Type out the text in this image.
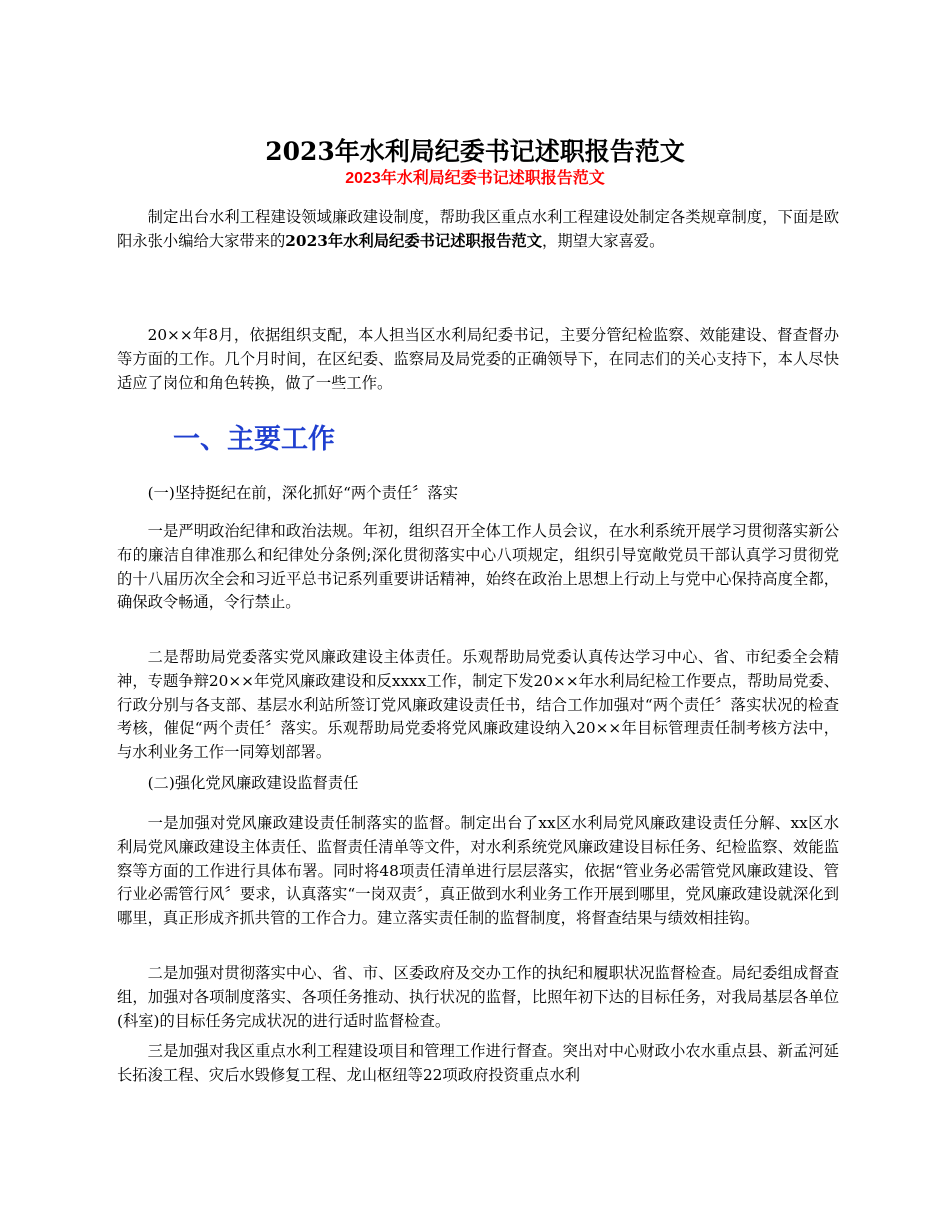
2023年水利局纪委书记述职报告范文
2023年水利局纪委书记述职报告范文

制定出台水利工程建设领域廉政建设制度，帮助我区重点水利工程建设处制定各类规章制度，下面是欧阳永张小编给大家带来的2023年水利局纪委书记述职报告范文，期望大家喜爱。

20××年8月，依据组织支配，本人担当区水利局纪委书记，主要分管纪检监察、效能建设、督查督办等方面的工作。几个月时间，在区纪委、监察局及局党委的正确领导下，在同志们的关心支持下，本人尽快适应了岗位和角色转换，做了一些工作。

一、主要工作

(一)坚持挺纪在前，深化抓好“两个责任〞落实

一是严明政治纪律和政治法规。年初，组织召开全体工作人员会议，在水利系统开展学习贯彻落实新公布的廉洁自律准那么和纪律处分条例;深化贯彻落实中心八项规定，组织引导宽敞党员干部认真学习贯彻党的十八届历次全会和习近平总书记系列重要讲话精神，始终在政治上思想上行动上与党中心保持高度全都，确保政令畅通，令行禁止。

二是帮助局党委落实党风廉政建设主体责任。乐观帮助局党委认真传达学习中心、省、市纪委全会精神，专题争辩20××年党风廉政建设和反xxxx工作，制定下发20××年水利局纪检工作要点，帮助局党委、行政分别与各支部、基层水利站所签订党风廉政建设责任书，结合工作加强对“两个责任〞落实状况的检查考核，催促“两个责任〞落实。乐观帮助局党委将党风廉政建设纳入20××年目标管理责任制考核方法中，与水利业务工作一同筹划部署。

(二)强化党风廉政建设监督责任

一是加强对党风廉政建设责任制落实的监督。制定出台了xx区水利局党风廉政建设责任分解、xx区水利局党风廉政建设主体责任、监督责任清单等文件，对水利系统党风廉政建设目标任务、纪检监察、效能监察等方面的工作进行具体布署。同时将48项责任清单进行层层落实，依据“管业务必需管党风廉政建设、管行业必需管行风〞要求，认真落实“一岗双责〞，真正做到水利业务工作开展到哪里，党风廉政建设就深化到哪里，真正形成齐抓共管的工作合力。建立落实责任制的监督制度，将督查结果与绩效相挂钩。

二是加强对贯彻落实中心、省、市、区委政府及交办工作的执纪和履职状况监督检查。局纪委组成督查组，加强对各项制度落实、各项任务推动、执行状况的监督，比照年初下达的目标任务，对我局基层各单位(科室)的目标任务完成状况的进行适时监督检查。

三是加强对我区重点水利工程建设项目和管理工作进行督查。突出对中心财政小农水重点县、新孟河延长拓浚工程、灾后水毁修复工程、龙山枢纽等22项政府投资重点水利
